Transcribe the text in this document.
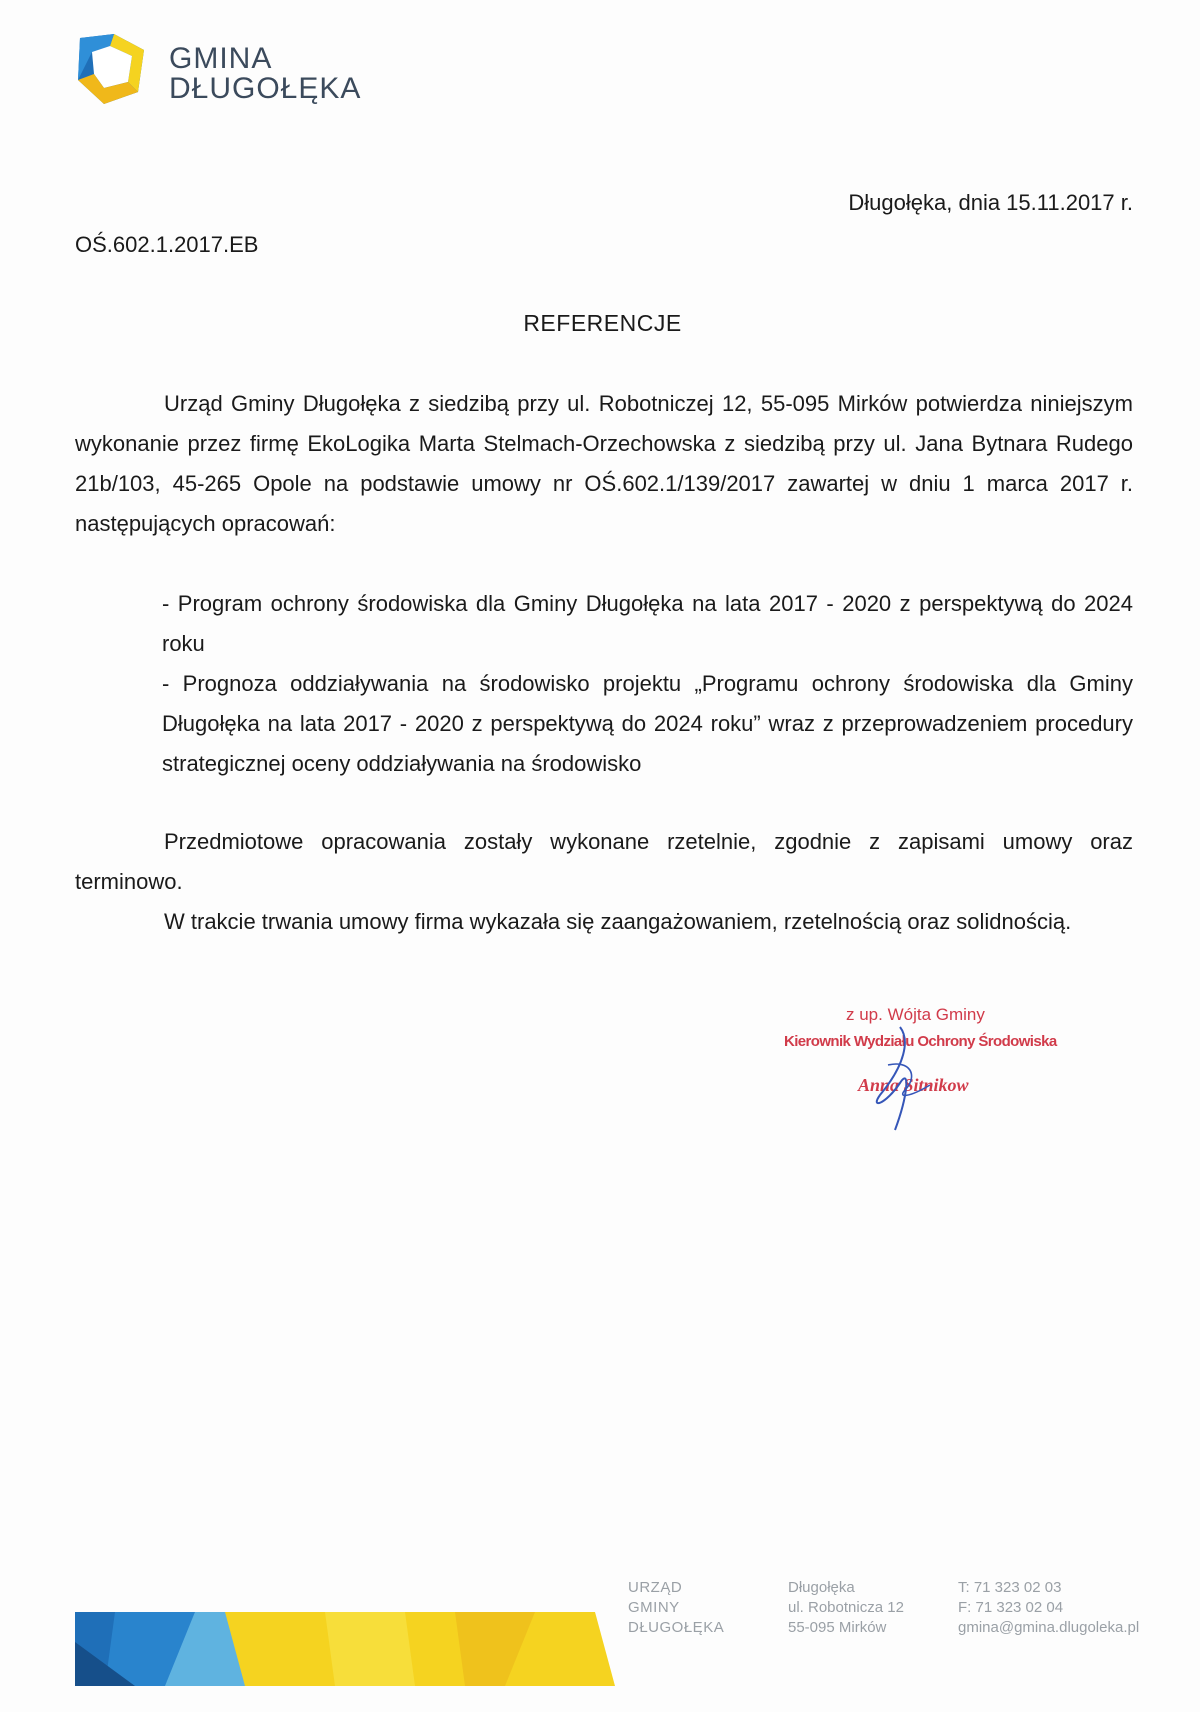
GMINA
DŁUGOŁĘKA
Długołęka, dnia 15.11.2017 r.
OŚ.602.1.2017.EB
REFERENCJE

Urząd Gminy Długołęka z siedzibą przy ul. Robotniczej 12, 55-095 Mirków potwierdza niniejszym wykonanie przez firmę EkoLogika Marta Stelmach-Orzechowska z siedzibą przy ul. Jana Bytnara Rudego 21b/103, 45-265 Opole na podstawie umowy nr OŚ.602.1/139/2017 zawartej w dniu 1 marca 2017 r. następujących opracowań:

- Program ochrony środowiska dla Gminy Długołęka na lata 2017 - 2020 z perspektywą do 2024 roku

- Prognoza oddziaływania na środowisko projektu „Programu ochrony środowiska dla Gminy Długołęka na lata 2017 - 2020 z perspektywą do 2024 roku” wraz z przeprowadzeniem procedury strategicznej oceny oddziaływania na środowisko

Przedmiotowe opracowania zostały wykonane rzetelnie, zgodnie z zapisami umowy oraz terminowo.

W trakcie trwania umowy firma wykazała się zaangażowaniem, rzetelnością oraz solidnością.

z up. Wójta Gminy
Kierownik Wydziału Ochrony Środowiska
Anna Sitnikow
URZĄD
GMINY
DŁUGOŁĘKA
Długołęka
ul. Robotnicza 12
55-095 Mirków
T: 71 323 02 03
F: 71 323 02 04
gmina@gmina.dlugoleka.pl
